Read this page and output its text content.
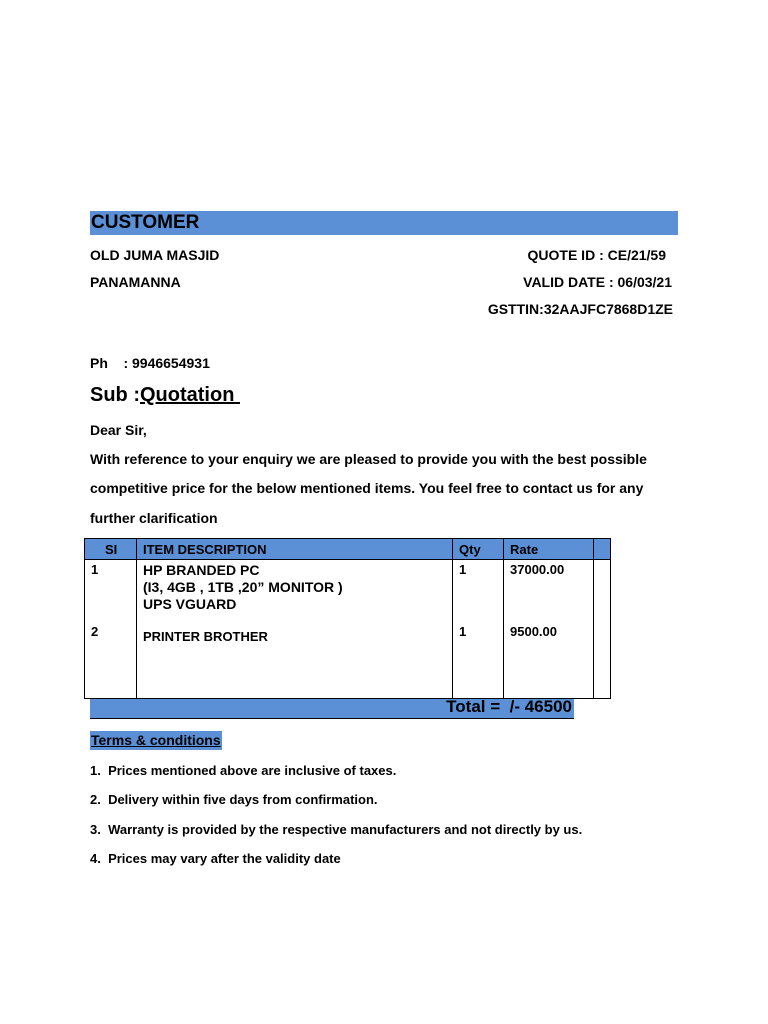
CUSTOMER
OLD JUMA MASJID	QUOTE ID : CE/21/59
PANAMANNA	VALID DATE : 06/03/21
GSTTIN:32AAJFC7868D1ZE
Ph    : 9946654931
Sub :Quotation
Dear Sir,
With reference to your enquiry we are pleased to provide you with the best possible
competitive price for the below mentioned items. You feel free to contact us for any
further clarification
SI	ITEM DESCRIPTION	Qty	Rate	
1	HP BRANDED PC
(I3, 4GB , 1TB ,20” MONITOR )
UPS VGUARD	1	37000.00	
2	PRINTER BROTHER	1	9500.00	
Total =  /- 46500
Terms & conditions
1.  Prices mentioned above are inclusive of taxes.
2.  Delivery within five days from confirmation.
3.  Warranty is provided by the respective manufacturers and not directly by us.
4.  Prices may vary after the validity date
